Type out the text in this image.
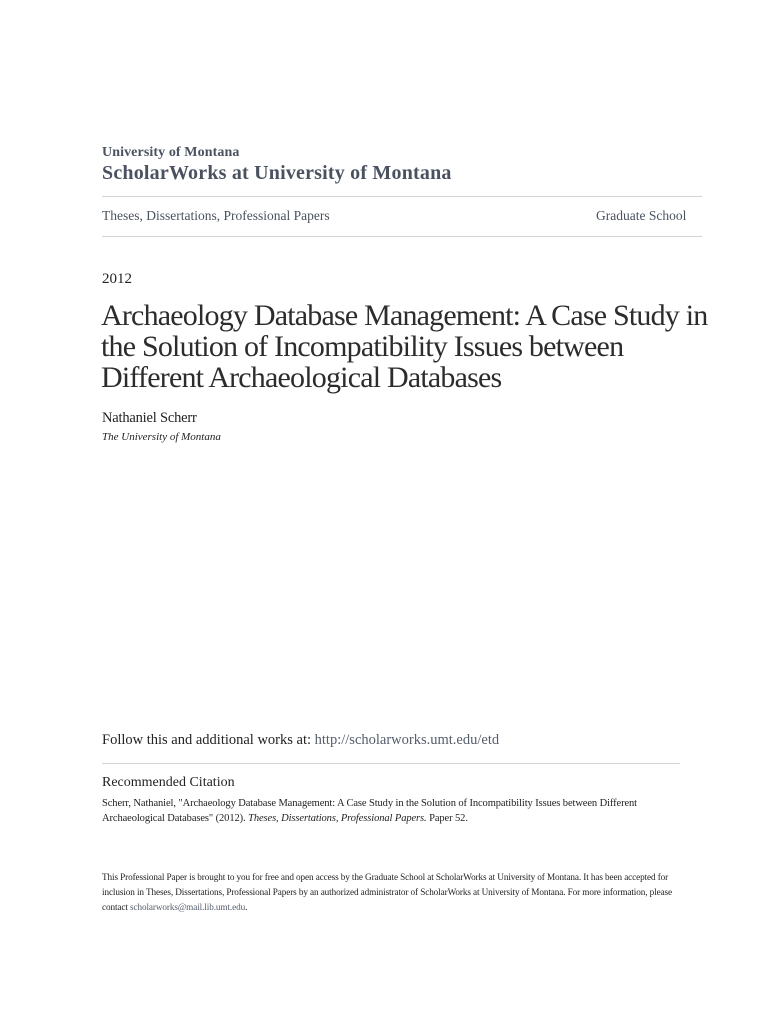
University of Montana
ScholarWorks at University of Montana
Theses, Dissertations, Professional Papers	Graduate School
2012
Archaeology Database Management: A Case Study in the Solution of Incompatibility Issues between Different Archaeological Databases
Nathaniel Scherr
The University of Montana
Follow this and additional works at: http://scholarworks.umt.edu/etd
Recommended Citation
Scherr, Nathaniel, "Archaeology Database Management: A Case Study in the Solution of Incompatibility Issues between Different Archaeological Databases" (2012). Theses, Dissertations, Professional Papers. Paper 52.
This Professional Paper is brought to you for free and open access by the Graduate School at ScholarWorks at University of Montana. It has been accepted for inclusion in Theses, Dissertations, Professional Papers by an authorized administrator of ScholarWorks at University of Montana. For more information, please contact scholarworks@mail.lib.umt.edu.
